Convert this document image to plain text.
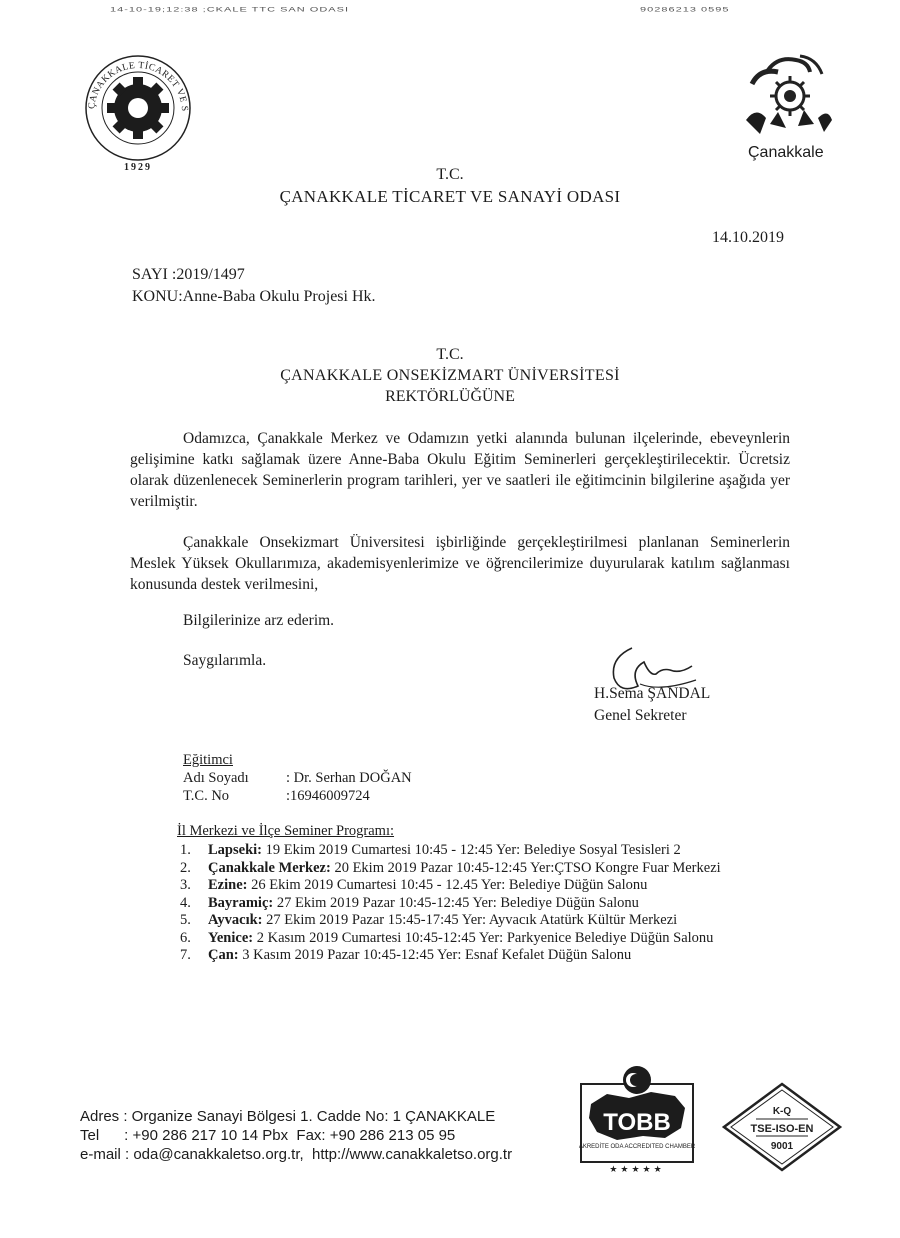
14-10-19;12:38 ;CKALE TTC SAN ODASI	90286213 0595
ÇANAKKALE TİCARET VE S
1929
Çanakkale
T.C.
ÇANAKKALE TİCARET VE SANAYİ ODASI
14.10.2019
SAYI :2019/1497
KONU:Anne-Baba Okulu Projesi Hk.
T.C.
ÇANAKKALE ONSEKİZMART ÜNİVERSİTESİ
REKTÖRLÜĞÜNE
Odamızca, Çanakkale Merkez ve Odamızın yetki alanında bulunan ilçelerinde, ebeveynlerin gelişimine katkı sağlamak üzere Anne-Baba Okulu Eğitim Seminerleri gerçekleştirilecektir. Ücretsiz olarak düzenlenecek Seminerlerin program tarihleri, yer ve saatleri ile eğitimcinin bilgilerine aşağıda yer verilmiştir.
Çanakkale Onsekizmart Üniversitesi işbirliğinde gerçekleştirilmesi planlanan Seminerlerin Meslek Yüksek Okullarımıza, akademisyenlerimize ve öğrencilerimize duyurularak katılım sağlanması konusunda destek verilmesini,
Bilgilerinize arz ederim.
Saygılarımla.
H.Sema ŞANDAL
Genel Sekreter
Eğitimci
Adı Soyadı	: Dr. Serhan DOĞAN
T.C. No	:16946009724
İl Merkezi ve İlçe Seminer Programı:
1. Lapseki: 19 Ekim 2019 Cumartesi 10:45 - 12:45 Yer: Belediye Sosyal Tesisleri 2
2. Çanakkale Merkez: 20 Ekim 2019 Pazar 10:45-12:45 Yer:ÇTSO Kongre Fuar Merkezi
3. Ezine: 26 Ekim 2019 Cumartesi 10:45 - 12.45 Yer: Belediye Düğün Salonu
4. Bayramiç: 27 Ekim 2019 Pazar 10:45-12:45 Yer: Belediye Düğün Salonu
5. Ayvacık: 27 Ekim 2019 Pazar 15:45-17:45 Yer: Ayvacık Atatürk Kültür Merkezi
6. Yenice: 2 Kasım 2019 Cumartesi 10:45-12:45 Yer: Parkyenice Belediye Düğün Salonu
7. Çan: 3 Kasım 2019 Pazar 10:45-12:45 Yer: Esnaf Kefalet Düğün Salonu
Adres : Organize Sanayi Bölgesi 1. Cadde No: 1 ÇANAKKALE
Tel      : +90 286 217 10 14 Pbx  Fax: +90 286 213 05 95
e-mail : oda@canakkaletso.org.tr,  http://www.canakkaletso.org.tr
TOBB
AKREDİTE ODA ACCREDITED CHAMBER
★★★★★
K-Q
TSE-ISO-EN
9001
